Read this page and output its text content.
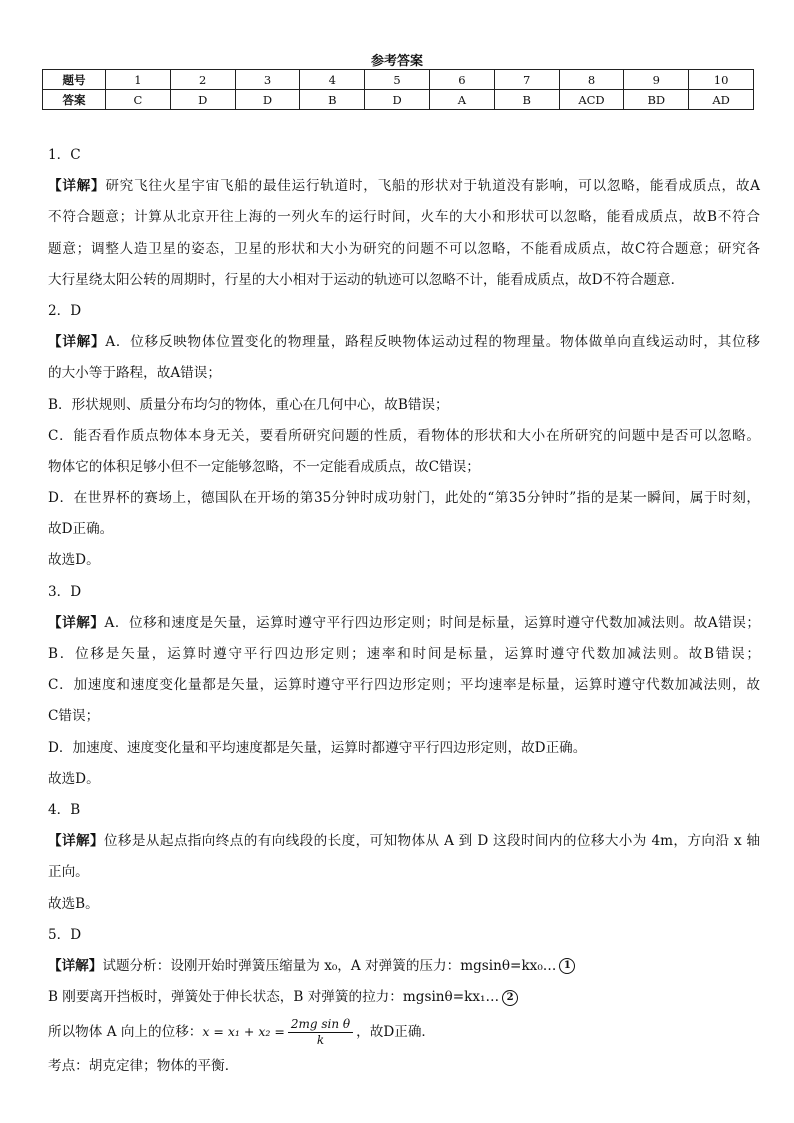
参考答案
题号	1	2	3	4	5	6	7	8	9	10
答案	C	D	D	B	D	A	B	ACD	BD	AD
1．C
【详解】研究飞往火星宇宙飞船的最佳运行轨道时，飞船的形状对于轨道没有影响，可以忽略，能看成质点，故A
不符合题意；计算从北京开往上海的一列火车的运行时间，火车的大小和形状可以忽略，能看成质点，故B不符合
题意；调整人造卫星的姿态，卫星的形状和大小为研究的问题不可以忽略，不能看成质点，故C符合题意；研究各
大行星绕太阳公转的周期时，行星的大小相对于运动的轨迹可以忽略不计，能看成质点，故D不符合题意．
2．D
【详解】A．位移反映物体位置变化的物理量，路程反映物体运动过程的物理量。物体做单向直线运动时，其位移
的大小等于路程，故A错误；
B．形状规则、质量分布均匀的物体，重心在几何中心，故B错误；
C．能否看作质点物体本身无关，要看所研究问题的性质，看物体的形状和大小在所研究的问题中是否可以忽略。
物体它的体积足够小但不一定能够忽略，不一定能看成质点，故C错误；
D．在世界杯的赛场上，德国队在开场的第35分钟时成功射门，此处的“第35分钟时”指的是某一瞬间，属于时刻，
故D正确。
故选D。
3．D
【详解】A．位移和速度是矢量，运算时遵守平行四边形定则；时间是标量，运算时遵守代数加减法则。故A错误；
B．位移是矢量，运算时遵守平行四边形定则；速率和时间是标量，运算时遵守代数加减法则。故B错误；
C．加速度和速度变化量都是矢量，运算时遵守平行四边形定则；平均速率是标量，运算时遵守代数加减法则，故
C错误；
D．加速度、速度变化量和平均速度都是矢量，运算时都遵守平行四边形定则，故D正确。
故选D。
4．B
【详解】位移是从起点指向终点的有向线段的长度，可知物体从 A 到 D 这段时间内的位移大小为 4m，方向沿 x 轴
正向。
故选B。
5．D
【详解】试题分析：设刚开始时弹簧压缩量为 x₀，A 对弹簧的压力：mgsinθ=kx₀… 1
B 刚要离开挡板时，弹簧处于伸长状态，B 对弹簧的拉力：mgsinθ=kx₁… 2
所以物体 A 向上的位移：$x = x_1 + x_2 = \frac{\text{2mg sin θ}}{k}$ ，故D正确．
考点：胡克定律；物体的平衡．
